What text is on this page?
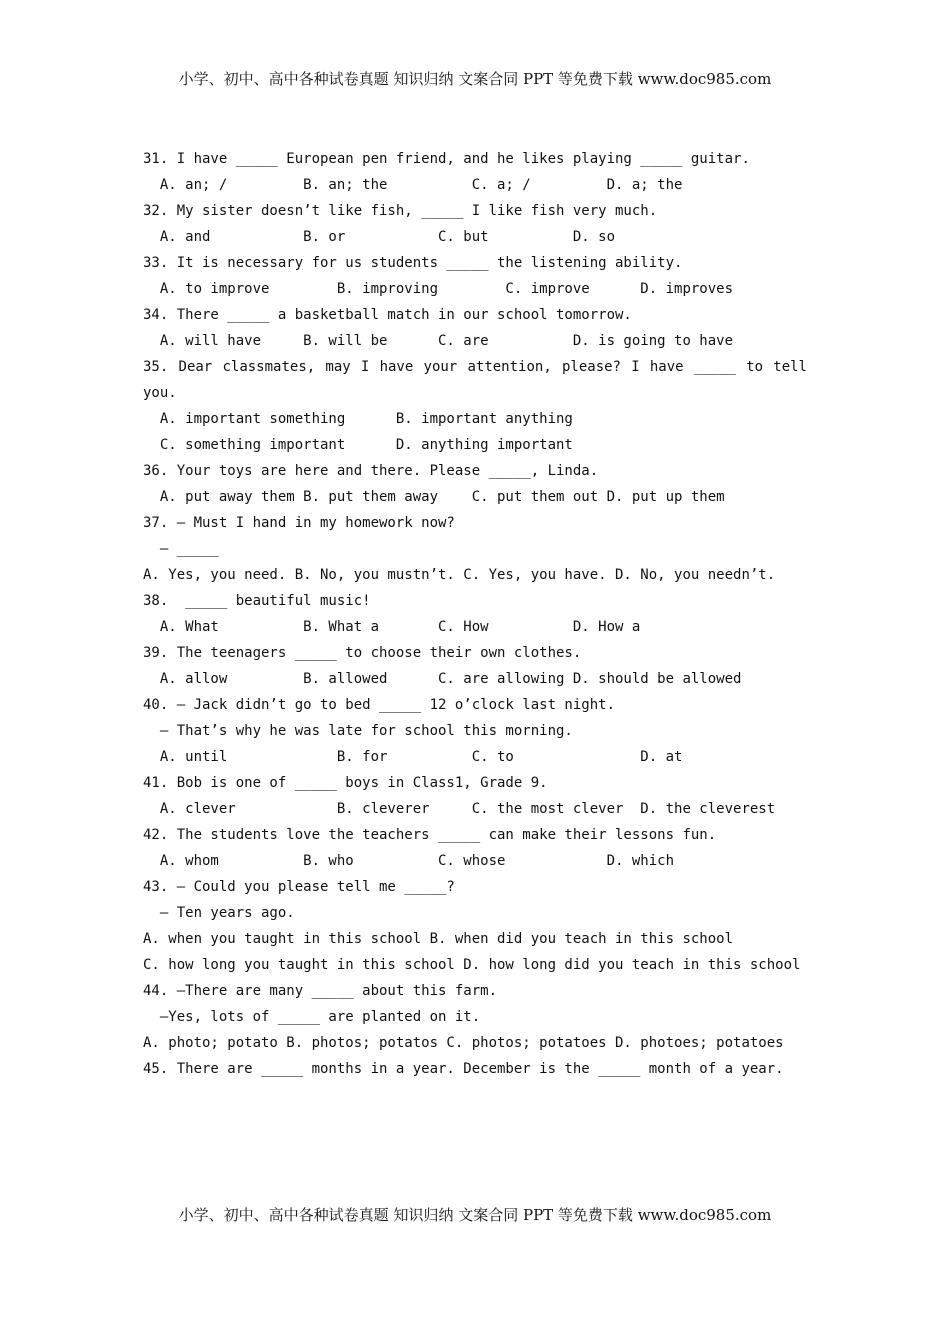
小学、初中、高中各种试卷真题 知识归纳 文案合同 PPT 等免费下载 www.doc985.com
31. I have _____ European pen friend, and he likes playing _____ guitar.
A. an; /         B. an; the          C. a; /         D. a; the
32. My sister doesn’t like fish, _____ I like fish very much.
A. and           B. or           C. but          D. so
33. It is necessary for us students _____ the listening ability.
A. to improve        B. improving        C. improve      D. improves
34. There _____ a basketball match in our school tomorrow.
A. will have     B. will be      C. are          D. is going to have
35. Dear classmates, may I have your attention, please? I have _____ to tell you.
A. important something      B. important anything
C. something important      D. anything important
36. Your toys are here and there. Please _____, Linda.
A. put away them B. put them away    C. put them out D. put up them
37. — Must I hand in my homework now?
— _____
A. Yes, you need. B. No, you mustn’t. C. Yes, you have. D. No, you needn’t.
38.  _____ beautiful music!
A. What          B. What a       C. How          D. How a
39. The teenagers _____ to choose their own clothes.
A. allow         B. allowed      C. are allowing D. should be allowed
40. — Jack didn’t go to bed _____ 12 o’clock last night.
— That’s why he was late for school this morning.
A. until             B. for          C. to               D. at
41. Bob is one of _____ boys in Class1, Grade 9.
A. clever            B. cleverer     C. the most clever  D. the cleverest
42. The students love the teachers _____ can make their lessons fun.
A. whom          B. who          C. whose            D. which
43. — Could you please tell me _____?
— Ten years ago.
A. when you taught in this school B. when did you teach in this school
C. how long you taught in this school D. how long did you teach in this school
44. —There are many _____ about this farm.
—Yes, lots of _____ are planted on it.
A. photo; potato B. photos; potatos C. photos; potatoes D. photoes; potatoes
45. There are _____ months in a year. December is the _____ month of a year.
小学、初中、高中各种试卷真题 知识归纳 文案合同 PPT 等免费下载 www.doc985.com
